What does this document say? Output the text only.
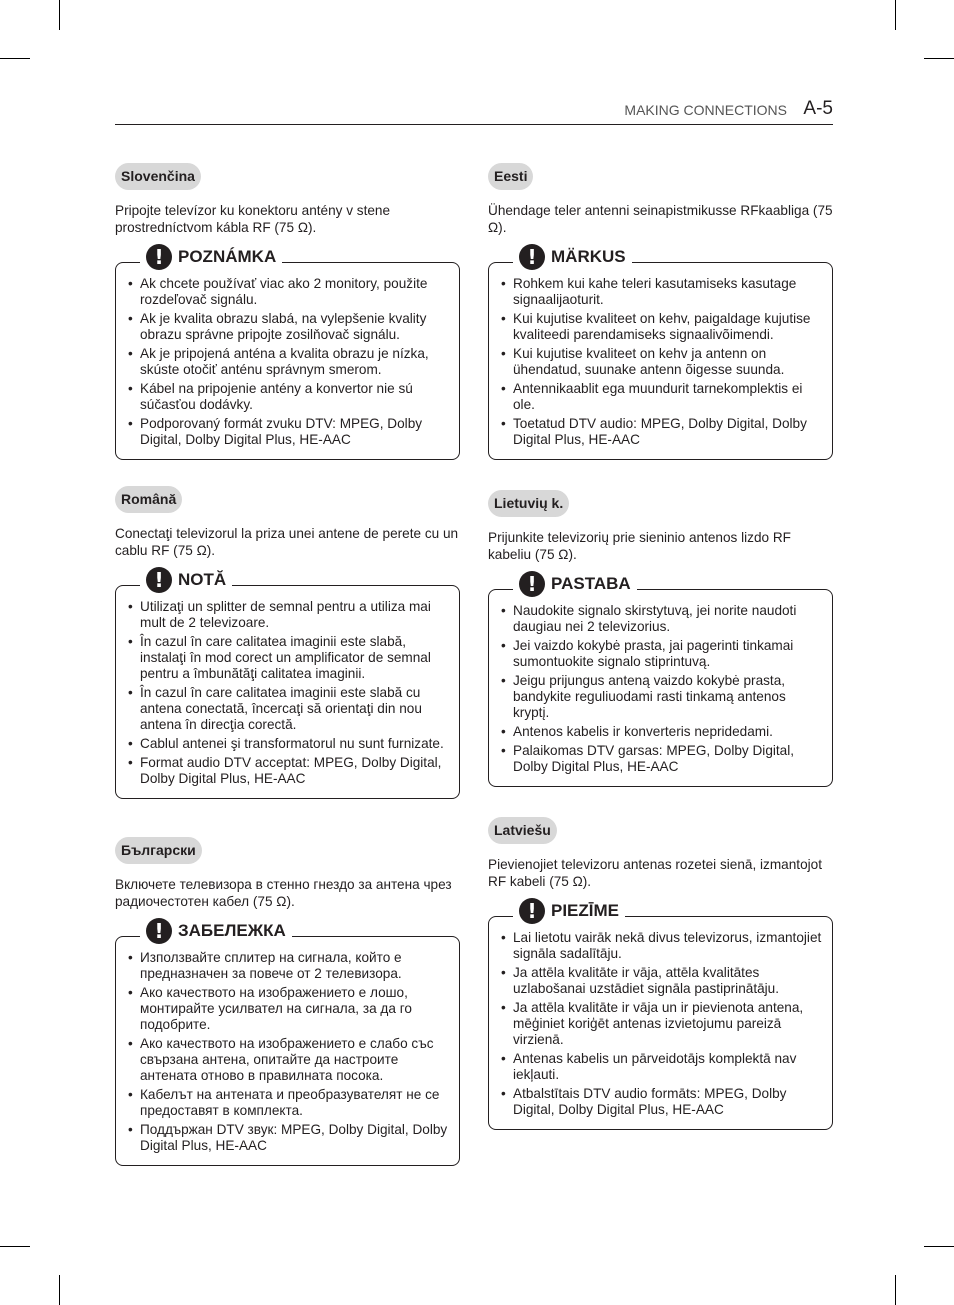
MAKING CONNECTIONS A-5
Slovenčina

Pripojte televízor ku konektoru antény v stene prostredníctvom kábla RF (75 Ω).

! POZNÁMKA
• Ak chcete používať viac ako 2 monitory, použite rozdeľovač signálu.
• Ak je kvalita obrazu slabá, na vylepšenie kvality obrazu správne pripojte zosilňovač signálu.
• Ak je pripojená anténa a kvalita obrazu je nízka, skúste otočiť anténu správnym smerom.
• Kábel na pripojenie antény a konvertor nie sú súčasťou dodávky.
• Podporovaný formát zvuku DTV: MPEG, Dolby Digital, Dolby Digital Plus, HE-AAC
Română

Conectaţi televizorul la priza unei antene de perete cu un cablu RF (75 Ω).

! NOTĂ
• Utilizaţi un splitter de semnal pentru a utiliza mai mult de 2 televizoare.
• În cazul în care calitatea imaginii este slabă, instalaţi în mod corect un amplificator de semnal pentru a îmbunătăţi calitatea imaginii.
• În cazul în care calitatea imaginii este slabă cu antena conectată, încercaţi să orientaţi din nou antena în direcţia corectă.
• Cablul antenei şi transformatorul nu sunt furnizate.
• Format audio DTV acceptat: MPEG, Dolby Digital, Dolby Digital Plus, HE-AAC
Български

Включете телевизора в стенно гнездо за антена чрез радиочестотен кабел (75 Ω).

! ЗАБЕЛЕЖКА
• Използвайте сплитер на сигнала, който е предназначен за повече от 2 телевизора.
• Ако качеството на изображението е лошо, монтирайте усилвател на сигнала, за да го подобрите.
• Ако качеството на изображението е слабо със свързана антена, опитайте да настроите антената отново в правилната посока.
• Кабелът на антената и преобразувателят не се предоставят в комплекта.
• Поддържан DTV звук: MPEG, Dolby Digital, Dolby Digital Plus, HE-AAC
Eesti

Ühendage teler antenni seinapistmikusse RFkaabliga (75 Ω).

! MÄRKUS
• Rohkem kui kahe teleri kasutamiseks kasutage signaalijaoturit.
• Kui kujutise kvaliteet on kehv, paigaldage kujutise kvaliteedi parendamiseks signaalivõimendi.
• Kui kujutise kvaliteet on kehv ja antenn on ühendatud, suunake antenn õigesse suunda.
• Antennikaablit ega muundurit tarnekomplektis ei ole.
• Toetatud DTV audio: MPEG, Dolby Digital, Dolby Digital Plus, HE-AAC
Lietuvių k.

Prijunkite televizorių prie sieninio antenos lizdo RF kabeliu (75 Ω).

! PASTABA
• Naudokite signalo skirstytuvą, jei norite naudoti daugiau nei 2 televizorius.
• Jei vaizdo kokybė prasta, jai pagerinti tinkamai sumontuokite signalo stiprintuvą.
• Jeigu prijungus anteną vaizdo kokybė prasta, bandykite reguliuodami rasti tinkamą antenos kryptį.
• Antenos kabelis ir konverteris nepridedami.
• Palaikomas DTV garsas: MPEG, Dolby Digital, Dolby Digital Plus, HE-AAC
Latviešu

Pievienojiet televizoru antenas rozetei sienā, izmantojot RF kabeli (75 Ω).

! PIEZĪME
• Lai lietotu vairāk nekā divus televizorus, izmantojiet signāla sadalītāju.
• Ja attēla kvalitāte ir vāja, attēla kvalitātes uzlabošanai uzstādiet signāla pastiprinātāju.
• Ja attēla kvalitāte ir vāja un ir pievienota antena, mēģiniet koriģēt antenas izvietojumu pareizā virzienā.
• Antenas kabelis un pārveidotājs komplektā nav iekļauti.
• Atbalstītais DTV audio formāts: MPEG, Dolby Digital, Dolby Digital Plus, HE-AAC
